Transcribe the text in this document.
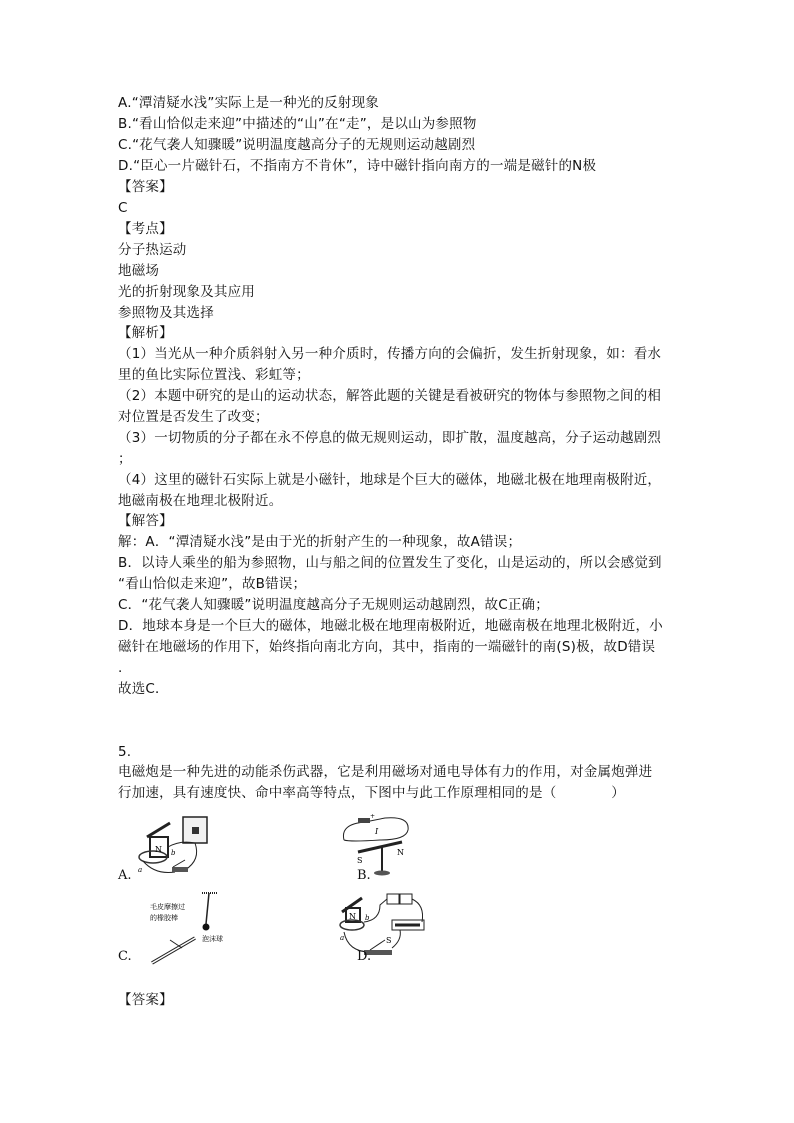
A.“潭清疑水浅”实际上是一种光的反射现象
B.“看山恰似走来迎”中描述的“山”在“走”，是以山为参照物
C.“花气袭人知骤暖”说明温度越高分子的无规则运动越剧烈
D.“臣心一片磁针石，不指南方不肯休”，诗中磁针指向南方的一端是磁针的N极
【答案】
C
【考点】
分子热运动
地磁场
光的折射现象及其应用
参照物及其选择
【解析】
（1）当光从一种介质斜射入另一种介质时，传播方向的会偏折，发生折射现象，如：看水
里的鱼比实际位置浅、彩虹等；
（2）本题中研究的是山的运动状态，解答此题的关键是看被研究的物体与参照物之间的相
对位置是否发生了改变；
（3）一切物质的分子都在永不停息的做无规则运动，即扩散，温度越高，分子运动越剧烈
；
（4）这里的磁针石实际上就是小磁针，地球是个巨大的磁体，地磁北极在地理南极附近，
地磁南极在地理北极附近。
【解答】
解：A．“潭清疑水浅”是由于光的折射产生的一种现象，故A错误；
B．以诗人乘坐的船为参照物，山与船之间的位置发生了变化，山是运动的，所以会感觉到
“看山恰似走来迎”，故B错误；
C．“花气袭人知骤暖”说明温度越高分子无规则运动越剧烈，故C正确；
D．地球本身是一个巨大的磁体，地磁北极在地理南极附近，地磁南极在地理北极附近，小
磁针在地磁场的作用下，始终指向南北方向，其中，指南的一端磁针的南(S)极，故D错误
.
故选C．
5.
电磁炮是一种先进的动能杀伤武器，它是利用磁场对通电导体有力的作用，对金属炮弹进
行加速，具有速度快、命中率高等特点，下图中与此工作原理相同的是（　　　　）
N b
a
A.
+
I
S
N
B.
毛皮摩擦过
的橡胶棒
泡沫球
C.
N b
a	S
D.
【答案】
